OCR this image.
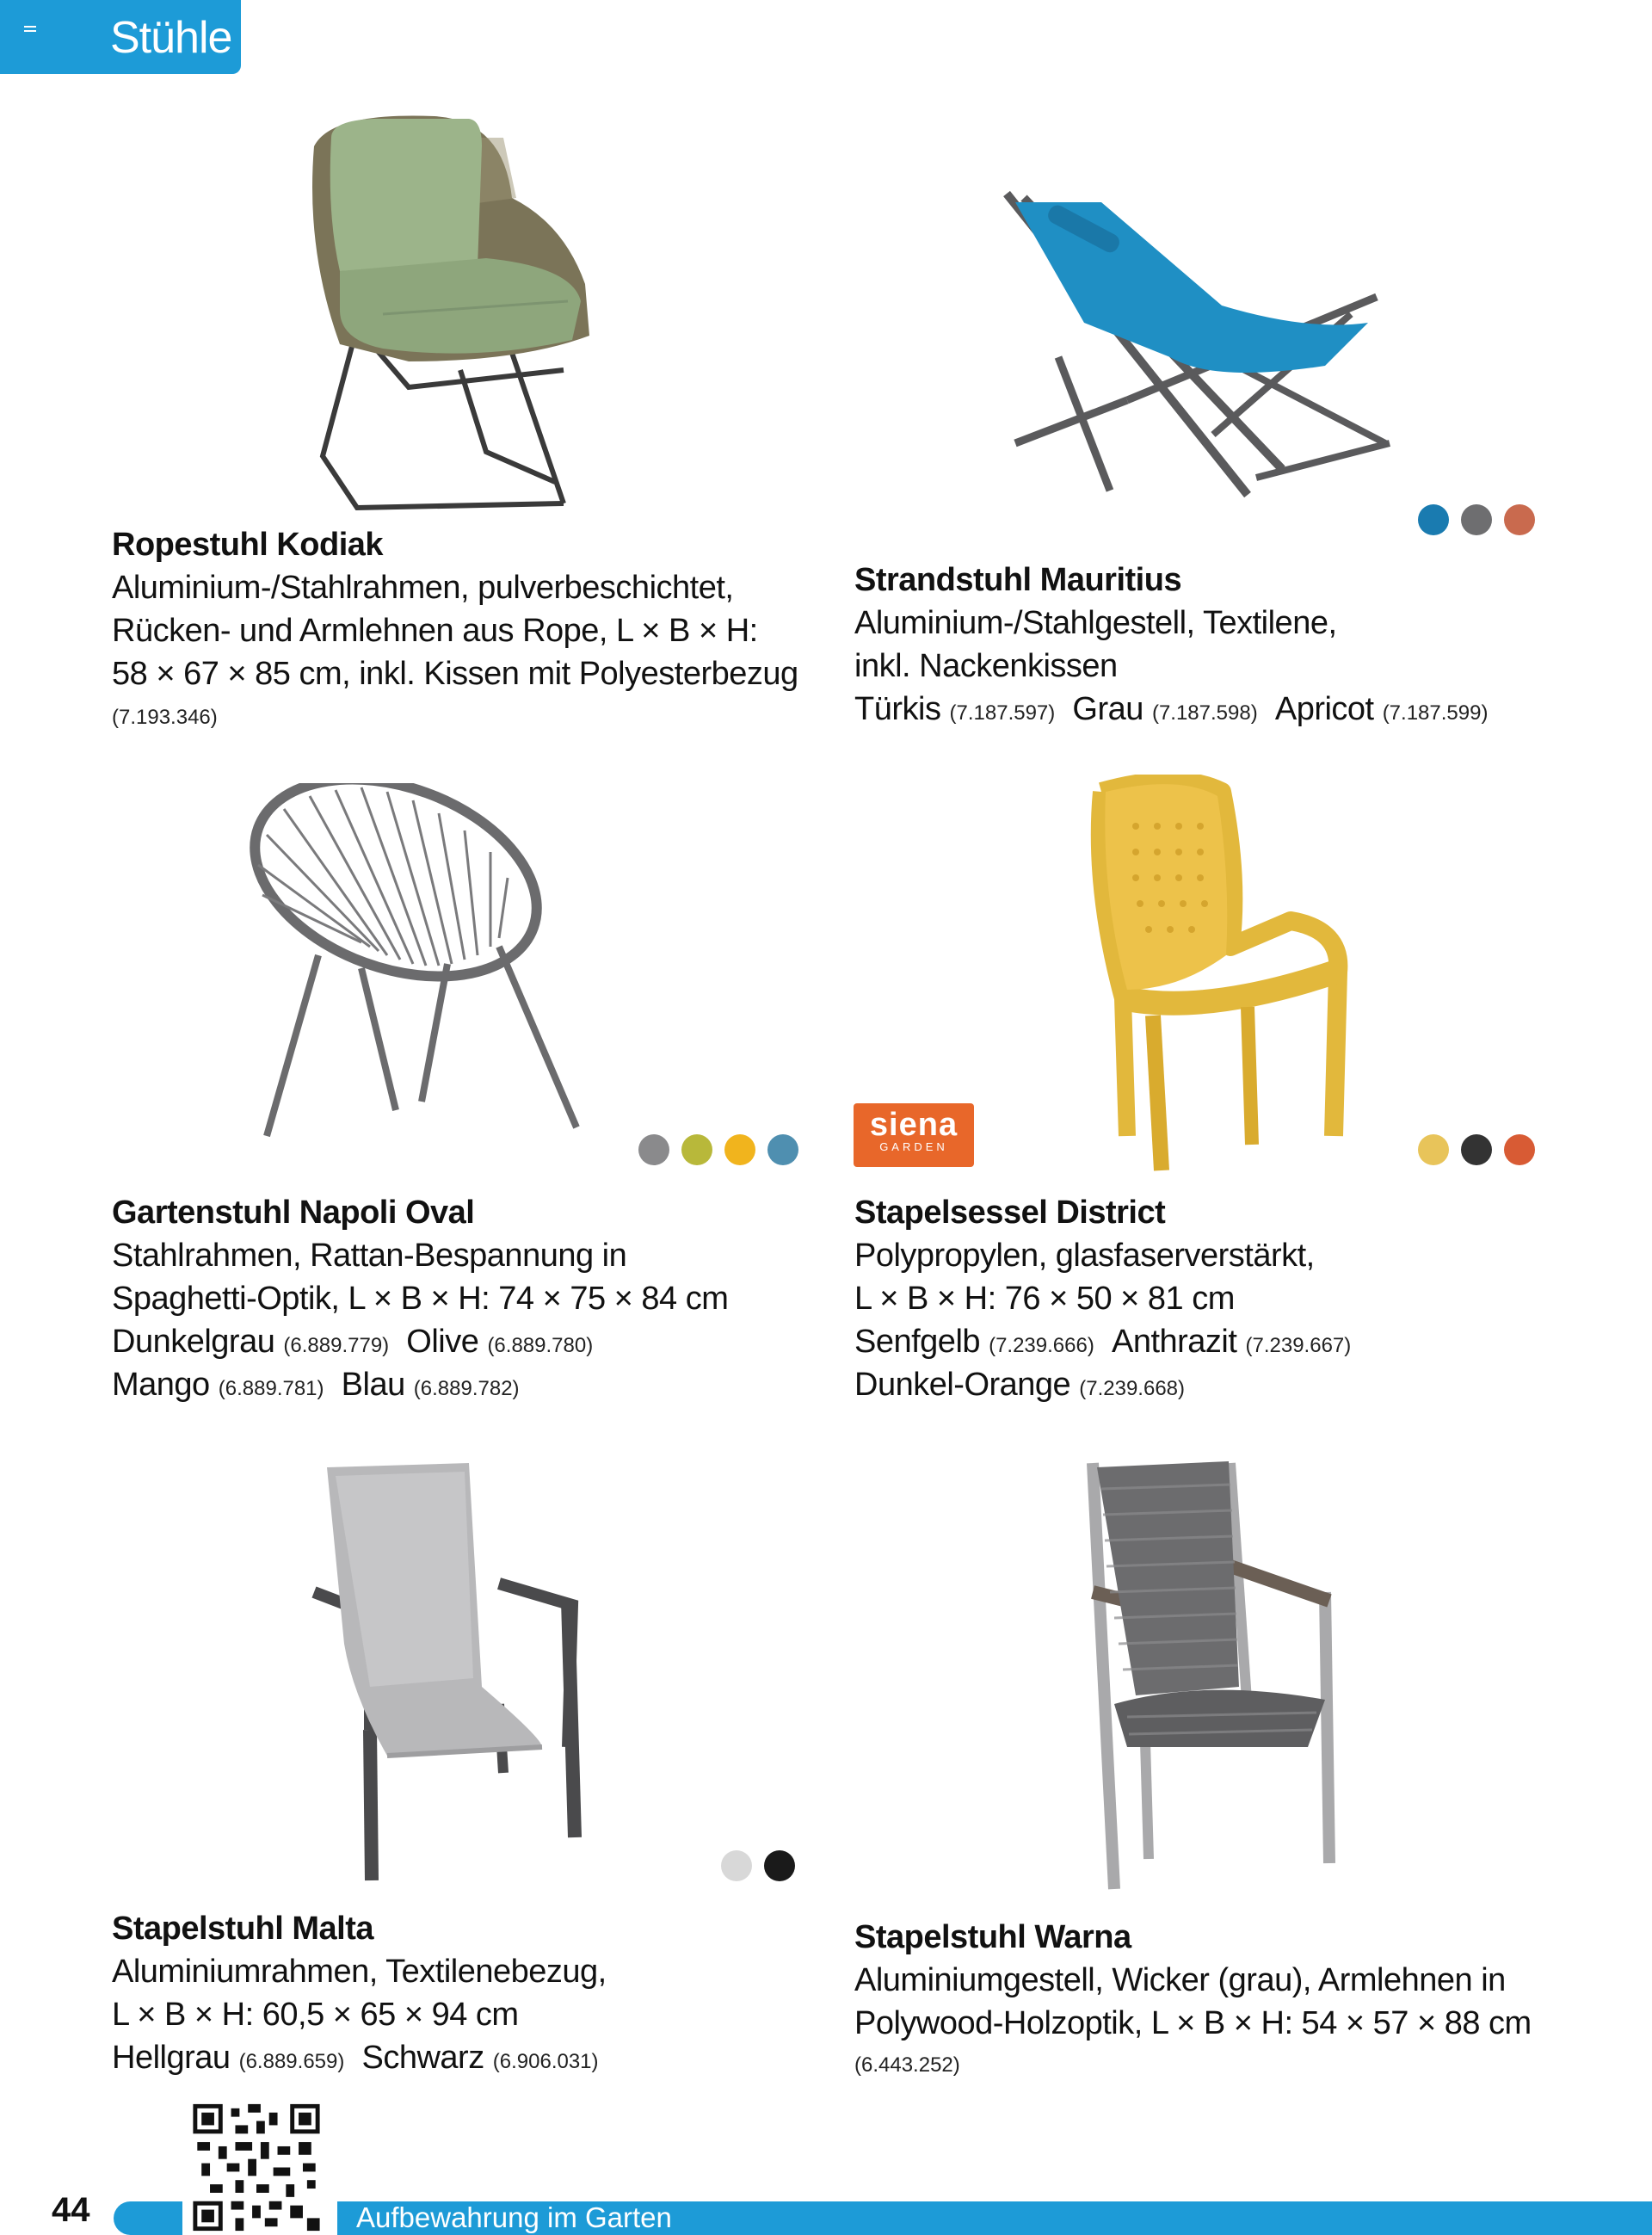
Stühle
Ropestuhl Kodiak
Aluminium-/Stahlrahmen, pulverbeschichtet,
Rücken- und Armlehnen aus Rope, L × B × H:
58 × 67 × 85 cm, inkl. Kissen mit Polyesterbezug
(7.193.346)
Strandstuhl Mauritius
Aluminium-/Stahlgestell, Textilene,
inkl. Nackenkissen
Türkis (7.187.597) Grau (7.187.598) Apricot (7.187.599)
Gartenstuhl Napoli Oval
Stahlrahmen, Rattan-Bespannung in
Spaghetti-Optik, L × B × H: 74 × 75 × 84 cm
Dunkelgrau (6.889.779) Olive (6.889.780)
Mango (6.889.781) Blau (6.889.782)
siena
GARDEN
Stapelsessel District
Polypropylen, glasfaserverstärkt,
L × B × H: 76 × 50 × 81 cm
Senfgelb (7.239.666) Anthrazit (7.239.667)
Dunkel-Orange (7.239.668)
Stapelstuhl Malta
Aluminiumrahmen, Textilenebezug,
L × B × H: 60,5 × 65 × 94 cm
Hellgrau (6.889.659) Schwarz (6.906.031)
Stapelstuhl Warna
Aluminiumgestell, Wicker (grau), Armlehnen in
Polywood-Holzoptik, L × B × H: 54 × 57 × 88 cm
(6.443.252)
44	Aufbewahrung im Garten
